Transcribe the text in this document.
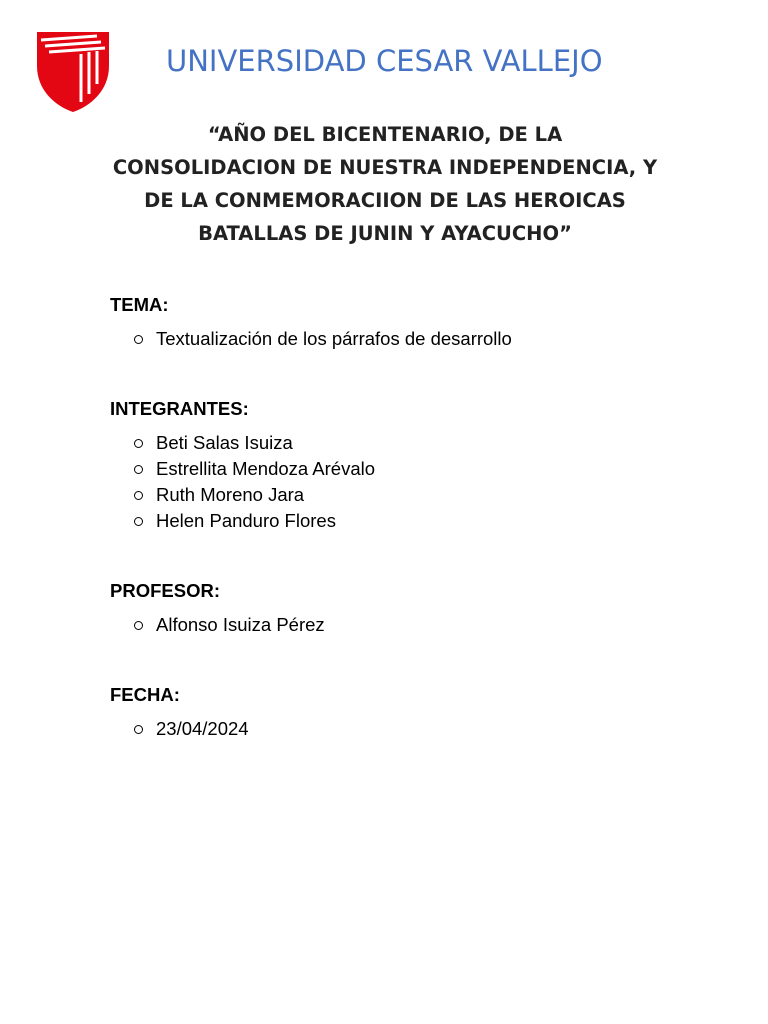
UNIVERSIDAD CESAR VALLEJO
“AÑO DEL BICENTENARIO, DE LA
CONSOLIDACION DE NUESTRA INDEPENDENCIA, Y
DE LA CONMEMORACIION DE LAS HEROICAS
BATALLAS DE JUNIN Y AYACUCHO”
TEMA:
Textualización de los párrafos de desarrollo
INTEGRANTES:
Beti Salas Isuiza
Estrellita Mendoza Arévalo
Ruth Moreno Jara
Helen Panduro Flores
PROFESOR:
Alfonso Isuiza Pérez
FECHA:
23/04/2024
